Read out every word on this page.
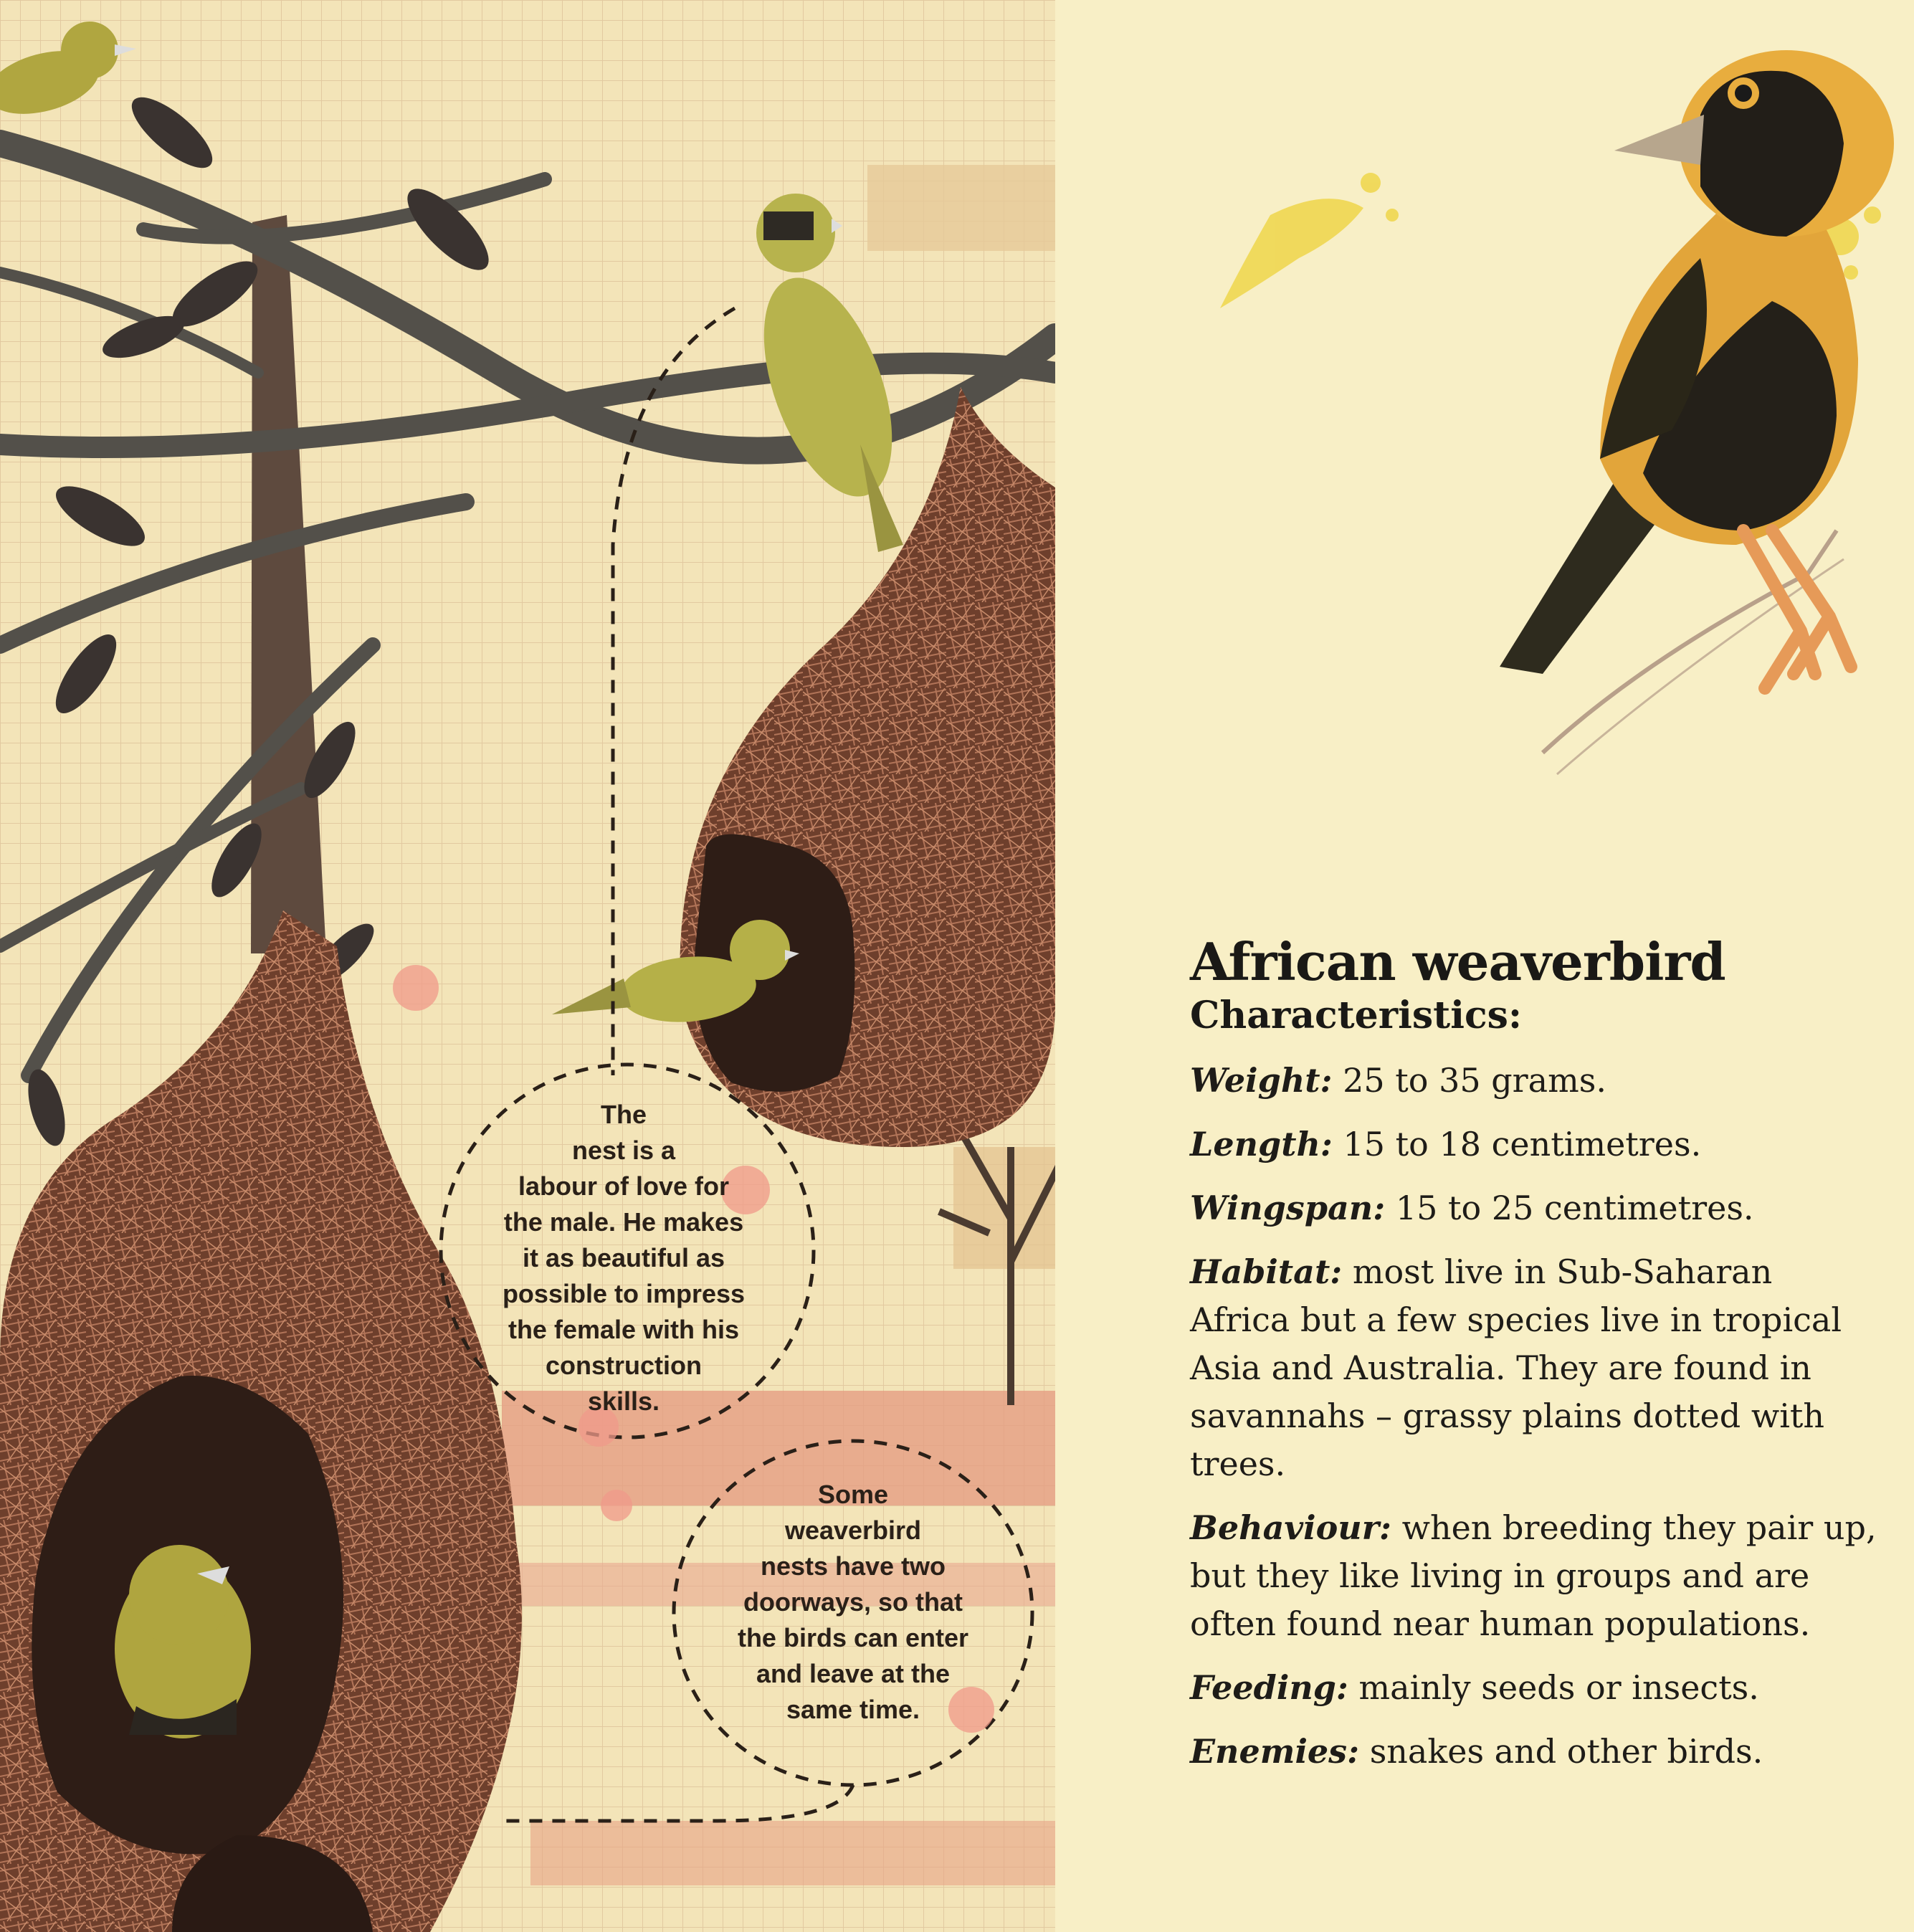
The
nest is a
labour of love for
the male. He makes
it as beautiful as
possible to impress
the female with his
construction
skills.
Some
weaverbird
nests have two
doorways, so that
the birds can enter
and leave at the
same time.
African weaverbird
Characteristics:

Weight: 25 to 35 grams.

Length: 15 to 18 centimetres.

Wingspan: 15 to 25 centimetres.

Habitat: most live in Sub-Saharan Africa but a few species live in tropical Asia and Australia. They are found in savannahs – grassy plains dotted with trees.

Behaviour: when breeding they pair up, but they like living in groups and are often found near human populations.

Feeding: mainly seeds or insects.

Enemies: snakes and other birds.
